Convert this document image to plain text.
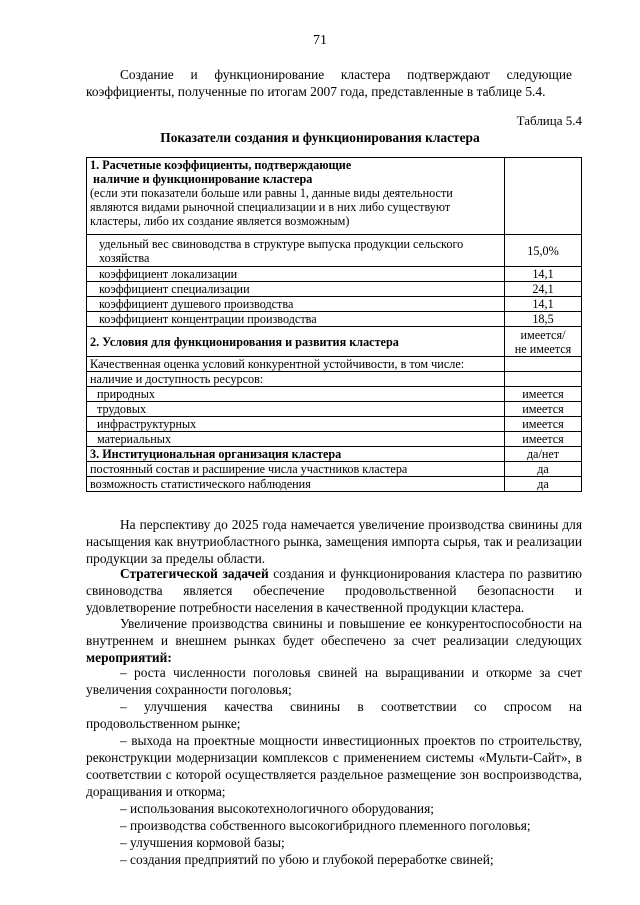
71
Создание     и     функционирование     кластера     подтверждают     следующие
коэффициенты, полученные по итогам 2007 года, представленные в таблице 5.4.
Таблица 5.4
Показатели создания и функционирования кластера
1. Расчетные коэффициенты, подтверждающие
наличие и функционирование кластера
(если эти показатели больше или равны 1, данные виды деятельности
являются видами рыночной специализации и в них либо существуют
кластеры, либо их создание является возможным)	

удельный вес свиноводства в структуре выпуска продукции сельского хозяйства	15,0%
коэффициент локализации	14,1
коэффициент специализации	24,1
коэффициент душевого производства	14,1
коэффициент концентрации производства	18,5
2. Условия для функционирования и развития кластера	имеется/
не имеется

Качественная оценка условий конкурентной устойчивости, в том числе:	
наличие и доступность ресурсов:	
природных	имеется
трудовых	имеется
инфраструктурных	имеется
материальных	имеется
3. Институциональная организация кластера	да/нет
постоянный состав и расширение числа участников кластера	да
возможность статистического наблюдения	да
На перспективу до 2025 года намечается увеличение производства свинины для насыщения как внутриобластного рынка, замещения импорта сырья, так и реализации продукции за пределы области.
Стратегической задачей создания и функционирования кластера по развитию свиноводства является обеспечение продовольственной безопасности и удовлетворение потребности населения в качественной продукции кластера.
Увеличение производства свинины и повышение ее конкурентоспособности на внутреннем и внешнем рынках будет обеспечено за счет реализации следующих мероприятий:
– роста численности поголовья свиней на выращивании и откорме за счет увеличения сохранности поголовья;
– улучшения качества свинины в соответствии со спросом на продовольственном рынке;
– выхода на проектные мощности инвестиционных проектов по строительству, реконструкции модернизации комплексов с применением системы «Мульти-Сайт», в соответствии с которой осуществляется раздельное размещение зон воспроизводства, доращивания и откорма;
– использования высокотехнологичного оборудования;
– производства собственного высокогибридного племенного поголовья;
– улучшения кормовой базы;
– создания предприятий по убою и глубокой переработке свиней;
